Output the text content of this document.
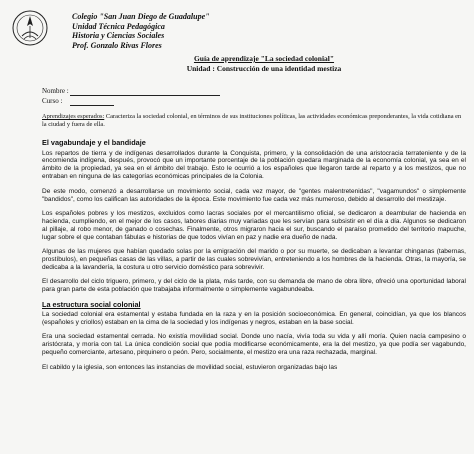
Colegio "San Juan Diego de Guadalupe"
Unidad Técnica Pedagógica
Historia y Ciencias Sociales
Prof. Gonzalo Rivas Flores
Guía de aprendizaje "La sociedad colonial"
Unidad : Construcción de una identidad mestiza
Nombre :
Curso :
Aprendizajes esperados: Caracteriza la sociedad colonial, en términos de sus instituciones políticas, las actividades económicas preponderantes, la vida cotidiana en la ciudad y fuera de ella.
El vagabundaje y el bandidaje

Los repartos de tierra y de indígenas desarrollados durante la Conquista, primero, y la consolidación de una aristocracia terrateniente y de la encomienda indígena, después, provocó que un importante porcentaje de la población quedara marginada de la economía colonial, ya sea en el ámbito de la propiedad, ya sea en el ámbito del trabajo. Esto le ocurrió a los españoles que llegaron tarde al reparto y a los mestizos, que no entraban en ninguna de las categorías económicas principales de la Colonia.

De este modo, comenzó a desarrollarse un movimiento social, cada vez mayor, de "gentes malentretenidas", "vagamundos" o simplemente "bandidos", como los califican las autoridades de la época. Este movimiento fue cada vez más numeroso, debido al desarrollo del mestizaje.

Los españoles pobres y los mestizos, excluidos como lacras sociales por el mercantilismo oficial, se dedicaron a deambular de hacienda en hacienda, cumpliendo, en el mejor de los casos, labores diarias muy variadas que les servían para subsistir en el día a día. Algunos se dedicaron al pillaje, al robo menor, de ganado o cosechas. Finalmente, otros migraron hacia el sur, buscando el paraíso prometido del territorio mapuche, lugar sobre el que contaban fábulas e historias de que todos vivían en paz y nadie era dueño de nada.

Algunas de las mujeres que habían quedado solas por la emigración del marido o por su muerte, se dedicaban a levantar chinganas (tabernas, prostíbulos), en pequeñas casas de las villas, a partir de las cuales sobrevivían, entreteniendo a los hombres de la hacienda. Otras, la mayoría, se dedicaba a la lavandería, la costura u otro servicio doméstico para sobrevivir.

El desarrollo del ciclo triguero, primero, y del ciclo de la plata, más tarde, con su demanda de mano de obra libre, ofreció una oportunidad laboral para gran parte de esta población que trabajaba informalmente o simplemente vagabundeaba.

La estructura social colonial

La sociedad colonial era estamental y estaba fundada en la raza y en la posición socioeconómica. En general, coincidían, ya que los blancos (españoles y criollos) estaban en la cima de la sociedad y los indígenas y negros, estaban en la base social.

Era una sociedad estamental cerrada. No existía movilidad social. Donde uno nacía, vivía toda su vida y allí moría. Quien nacía campesino o aristócrata, y moría con tal. La única condición social que podía modificarse económicamente, era la del mestizo, ya que podía ser vagabundo, pequeño comerciante, artesano, pirquinero o peón. Pero, socialmente, el mestizo era una raza rechazada, marginal.

El cabildo y la iglesia, son entonces las instancias de movilidad social, estuvieron organizadas bajo las
